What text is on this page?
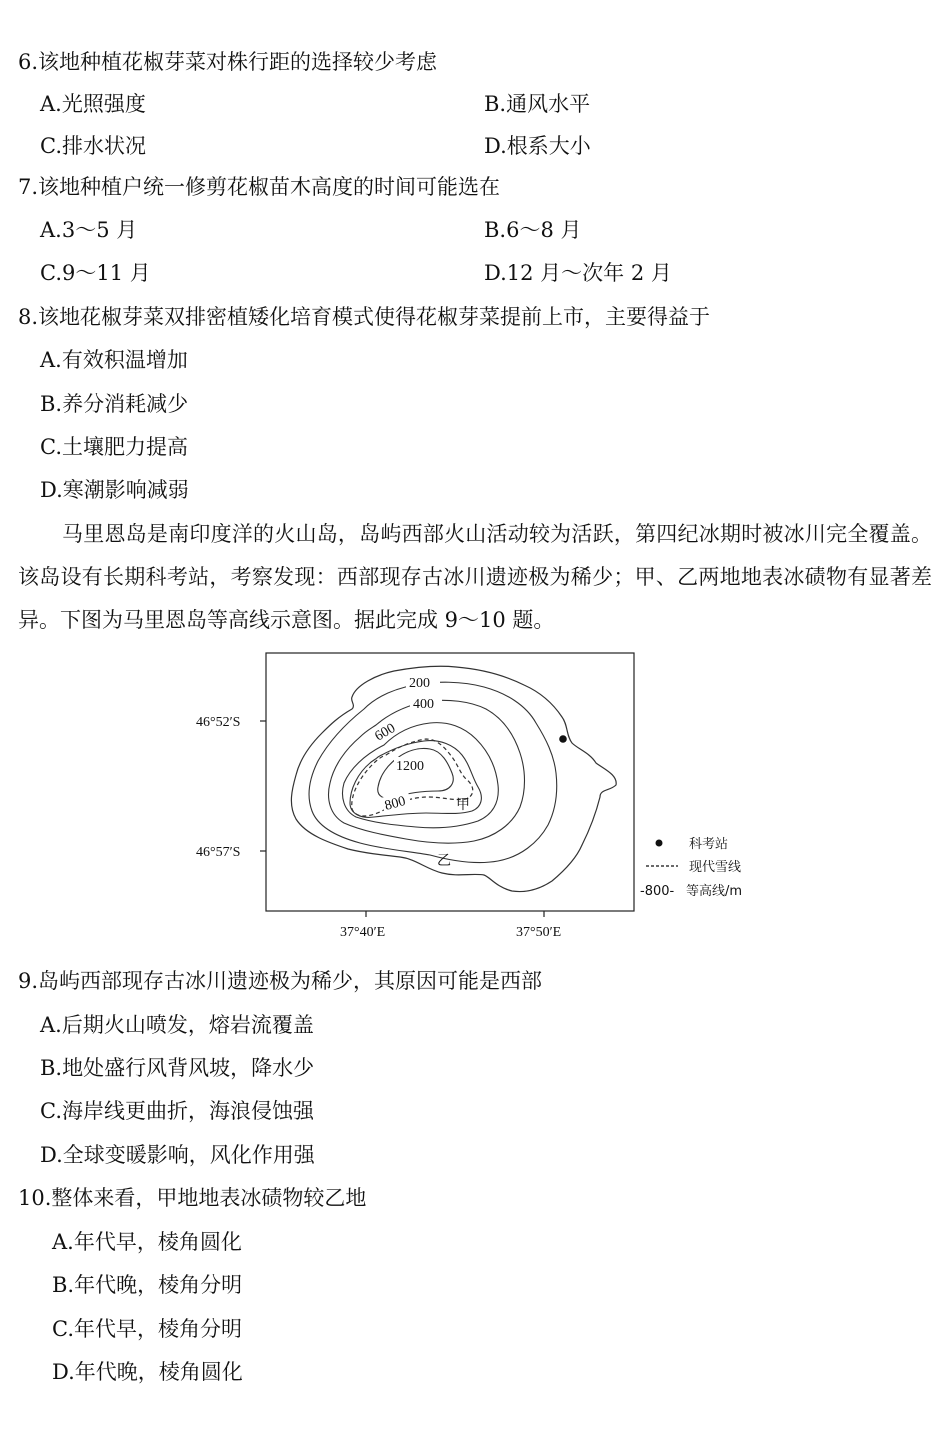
6.该地种植花椒芽菜对株行距的选择较少考虑
A.光照强度	B.通风水平
C.排水状况	D.根系大小
7.该地种植户统一修剪花椒苗木高度的时间可能选在
A.3～5 月	B.6～8 月
C.9～11 月	D.12 月～次年 2 月
8.该地花椒芽菜双排密植矮化培育模式使得花椒芽菜提前上市，主要得益于
A.有效积温增加
B.养分消耗减少
C.土壤肥力提高
D.寒潮影响减弱
马里恩岛是南印度洋的火山岛，岛屿西部火山活动较为活跃，第四纪冰期时被冰川完全覆盖。该岛设有长期科考站，考察发现：西部现存古冰川遗迹极为稀少；甲、乙两地地表冰碛物有显著差异。下图为马里恩岛等高线示意图。据此完成 9～10 题。
46°52′S
46°57′S
37°40′E	37°50′E
200
400
600
1200
800	甲
乙
科考站
现代雪线
-800- 等高线/m
9.岛屿西部现存古冰川遗迹极为稀少，其原因可能是西部
A.后期火山喷发，熔岩流覆盖
B.地处盛行风背风坡，降水少
C.海岸线更曲折，海浪侵蚀强
D.全球变暖影响，风化作用强
10.整体来看，甲地地表冰碛物较乙地
A.年代早，棱角圆化
B.年代晚，棱角分明
C.年代早，棱角分明
D.年代晚，棱角圆化
